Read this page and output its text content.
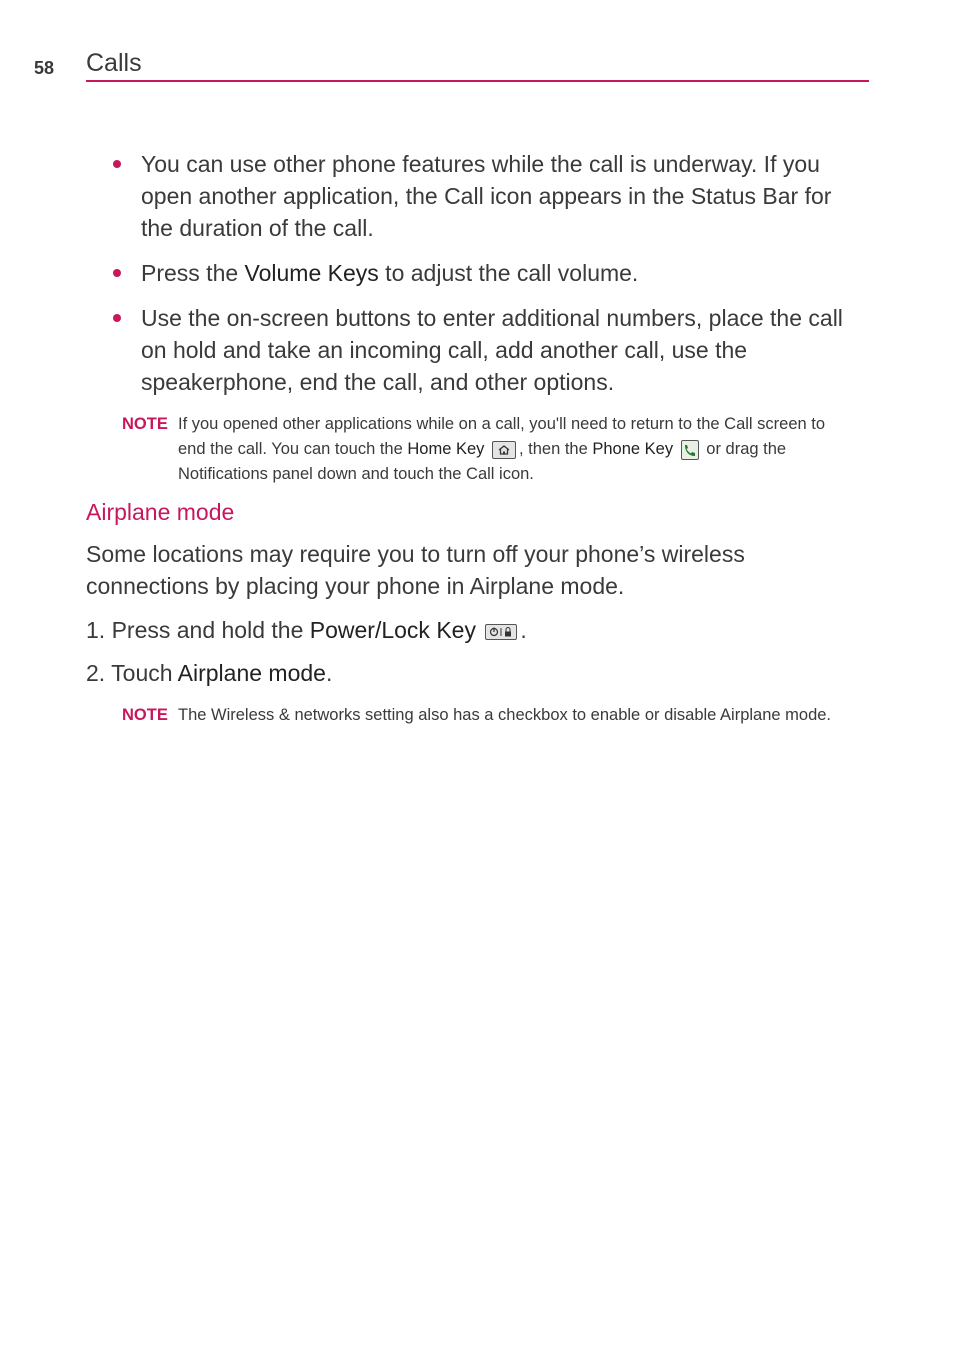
58 Calls
You can use other phone features while the call is underway. If you open another application, the Call icon appears in the Status Bar for the duration of the call.
Press the Volume Keys to adjust the call volume.
Use the on-screen buttons to enter additional numbers, place the call on hold and take an incoming call, add another call, use the speakerphone, end the call, and other options.
NOTE If you opened other applications while on a call, you'll need to return to the Call screen to end the call. You can touch the Home Key , then the Phone Key
or drag the Notifications panel down and touch the Call icon.
Airplane mode
Some locations may require you to turn off your phone’s wireless connections by placing your phone in Airplane mode.
1. Press and hold the Power/Lock Key .
2. Touch Airplane mode.
NOTE The Wireless & networks setting also has a checkbox to enable or disable Airplane mode.
